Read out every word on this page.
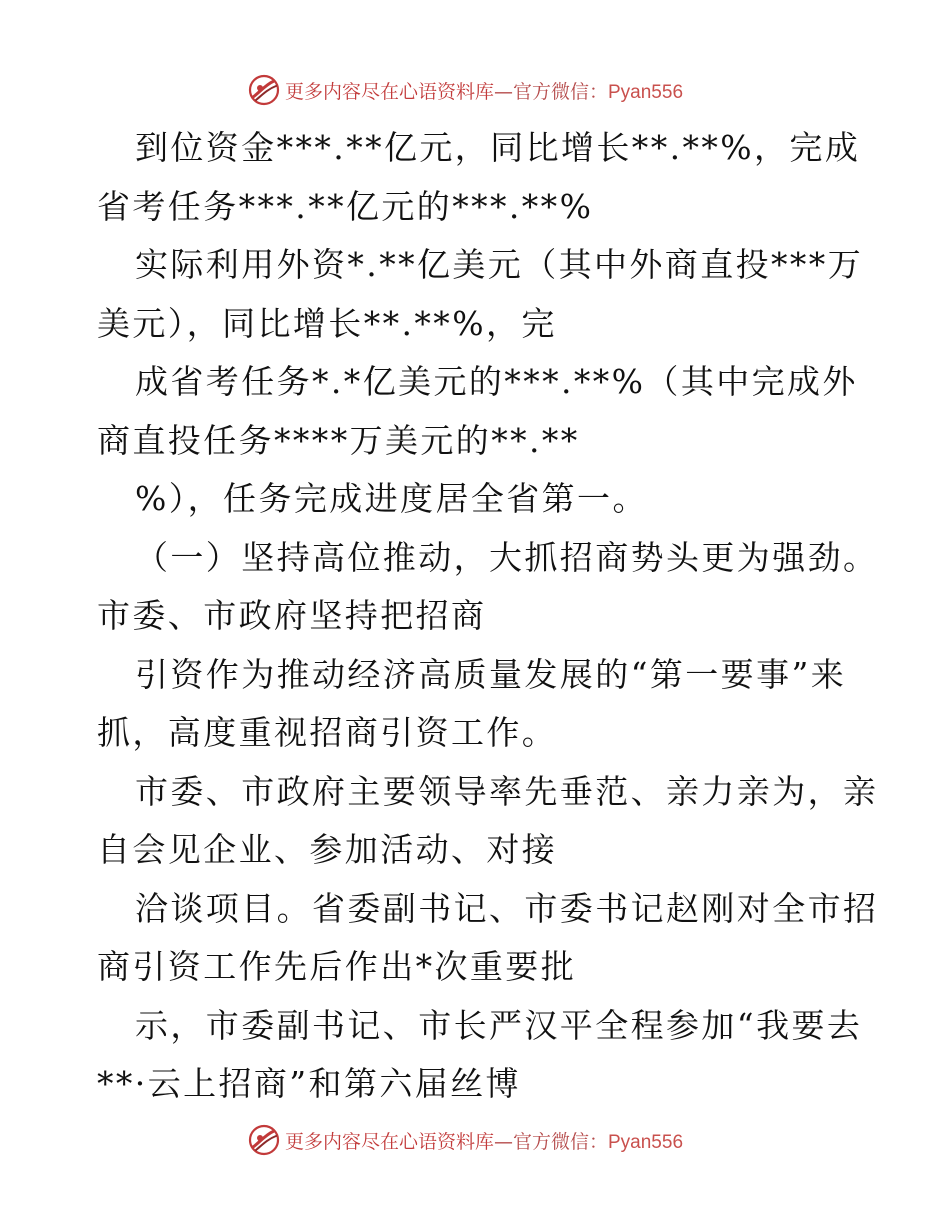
更多内容尽在心语资料库—官方微信：Pyan556
到位资金***.**亿元，同比增长**.**%，完成
省考任务***.**亿元的***.**%
实际利用外资*.**亿美元（其中外商直投***万
美元），同比增长**.**%，完
成省考任务*.*亿美元的***.**%（其中完成外
商直投任务****万美元的**.**
%），任务完成进度居全省第一。
（一）坚持高位推动，大抓招商势头更为强劲。
市委、市政府坚持把招商
引资作为推动经济高质量发展的“第一要事”来
抓，高度重视招商引资工作。
市委、市政府主要领导率先垂范、亲力亲为，亲
自会见企业、参加活动、对接
洽谈项目。省委副书记、市委书记赵刚对全市招
商引资工作先后作出*次重要批
示，市委副书记、市长严汉平全程参加“我要去
**·云上招商”和第六届丝博
更多内容尽在心语资料库—官方微信：Pyan556
